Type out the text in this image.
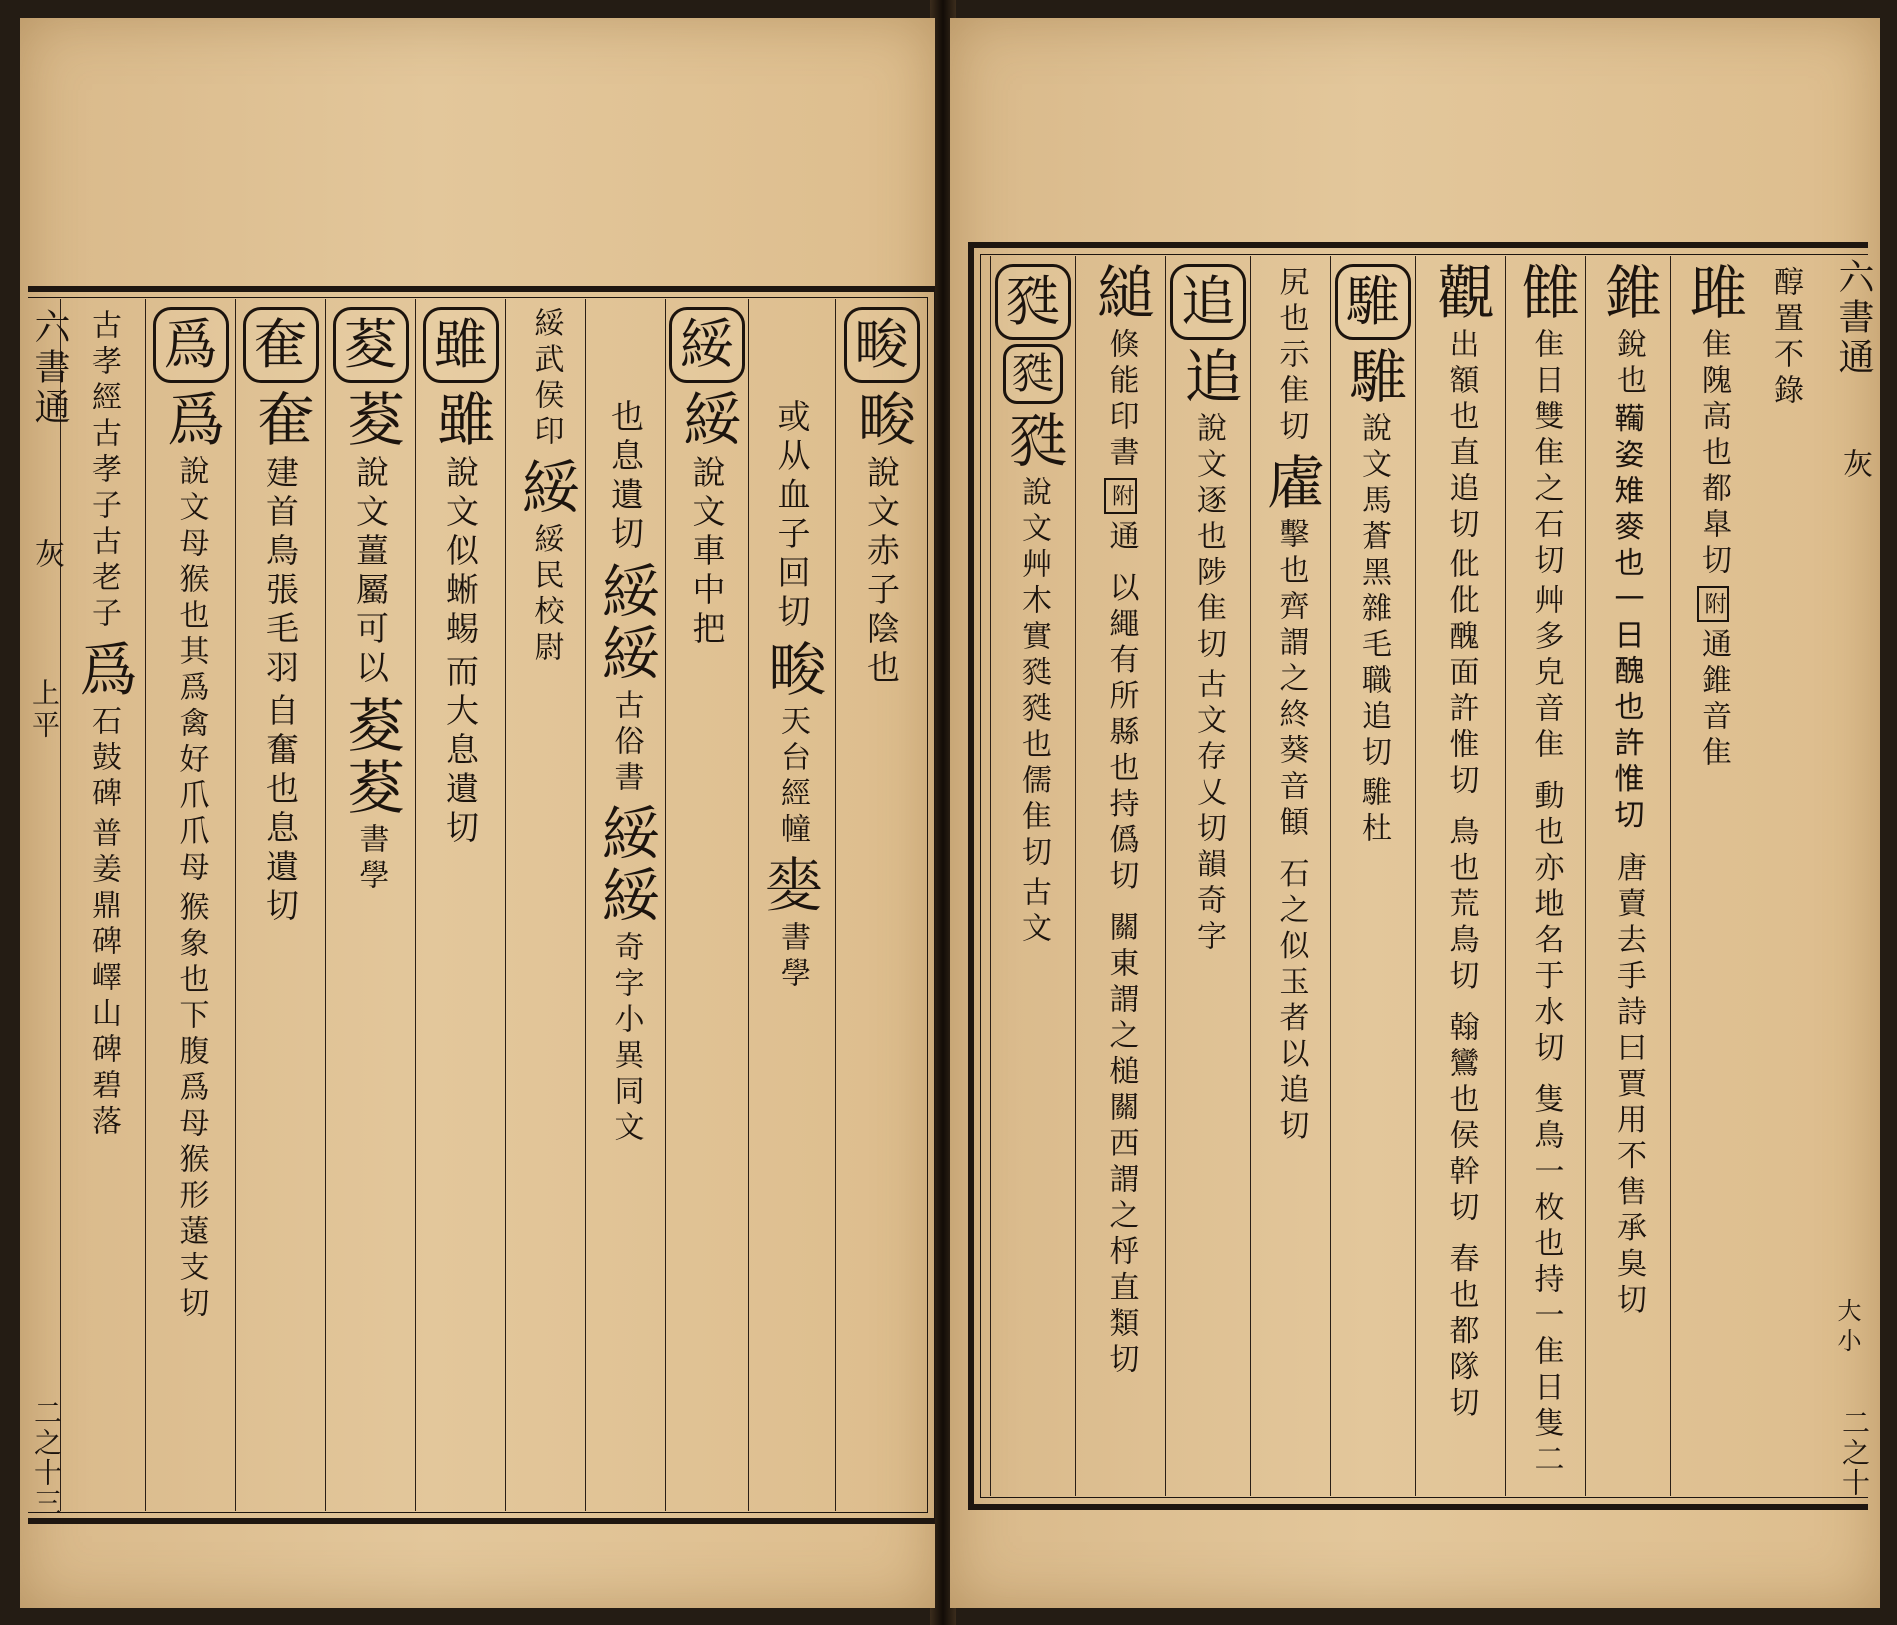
畯
畯
說文赤子陰也
或从血子回切
畯
天台經幢
𡕲
書學
綏
綏
說文車中把
也息遺切
綏綏
古俗書
綏綏
奇字小異同文
綏武侯印
綏
綏民校尉
雖
雖
說文似蜥蜴
而大息遺切
荾
荾
說文薑屬可以
荾荾
書學
奞
奞
建首鳥張毛羽
自奮也息遺切
爲
爲
說文母猴也其爲禽好爪爪母
猴象也下腹爲母猴形薳支切
古孝經古孝子古老子
爲
石鼓碑
普姜鼎碑嶧山碑碧落
六書通
灰
上平
二之十三
醇置不錄
雎
隹隗高也都臯切
附
通錐音隹
錐
銳也
𩍘姿雉麥也一日醜也許惟切 唐賣去手詩曰賈用不售承臭切
雔
隹日雙隹之石切
艸多皃音隹 動也亦地名于水切 隻鳥一枚也持一隹日隻二
觀
出額也直追切
仳仳醜面許惟切 鳥也荒鳥切 翰鸞也侯幹切 春也都隊切
騅
騅
說文馬蒼黑雜毛職追切
騅杜
尻也示隹切
雐
擊也齊謂之終葵音顀 石之似玉者以追切
追
追
說文逐也陟隹切
古文存乂切韻奇字
縋
倏能印書
附
通 以繩有所縣也持僞切 關東謂之槌關西謂之㭔直類切
甤
甤
甤
說文艸木實甤甤也儒隹切
古文
六書通
灰
大小
二之十
